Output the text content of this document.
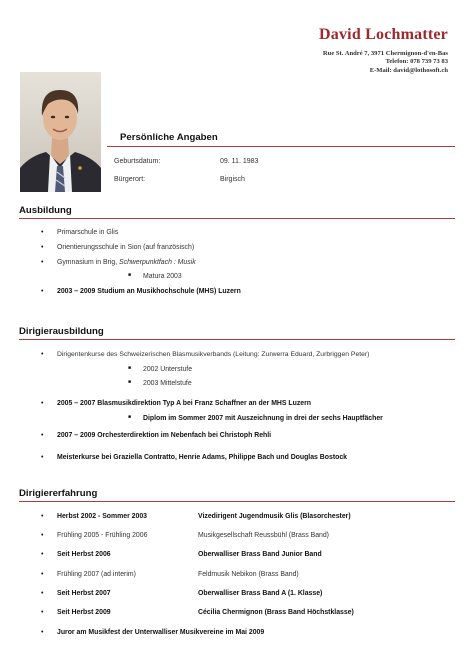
David Lochmatter
Rue St. André 7, 3971 Chermignon-d'en-Bas
Telefon: 078 739 73 83
E-Mail: david@lothosoft.ch
Persönliche Angaben
Geburtsdatum:	09. 11. 1983
Bürgerort:	Birgisch
Ausbildung
• Primarschule in Glis
• Orientierungsschule in Sion (auf französisch)
• Gymnasium in Brig, Schwerpunktfach : Musik
■ Matura 2003
• 2003 – 2009 Studium an Musikhochschule (MHS) Luzern
Dirigierausbildung
• Dirigentenkurse des Schweizerischen Blasmusikverbands (Leitung: Zurwerra Eduard, Zurbriggen Peter)
■ 2002 Unterstufe
■ 2003 Mittelstufe
• 2005 – 2007 Blasmusikdirektion Typ A bei Franz Schaffner an der MHS Luzern
■ Diplom im Sommer 2007 mit Auszeichnung in drei der sechs Hauptfächer
• 2007 – 2009 Orchesterdirektion im Nebenfach bei Christoph Rehli
• Meisterkurse bei Graziella Contratto, Henrie Adams, Philippe Bach und Douglas Bostock
Dirigiererfahrung
• Herbst 2002 - Sommer 2003	Vizedirigent Jugendmusik Glis (Blasorchester)
• Frühling 2005 - Frühling 2006	Musikgesellschaft Reussbühl (Brass Band)
• Seit Herbst 2006	Oberwalliser Brass Band Junior Band
• Frühling 2007 (ad interim)	Feldmusik Nebikon (Brass Band)
• Seit Herbst 2007	Oberwalliser Brass Band A (1. Klasse)
• Seit Herbst 2009	Cécilia Chermignon (Brass Band Höchstklasse)
• Juror am Musikfest der Unterwalliser Musikvereine im Mai 2009
